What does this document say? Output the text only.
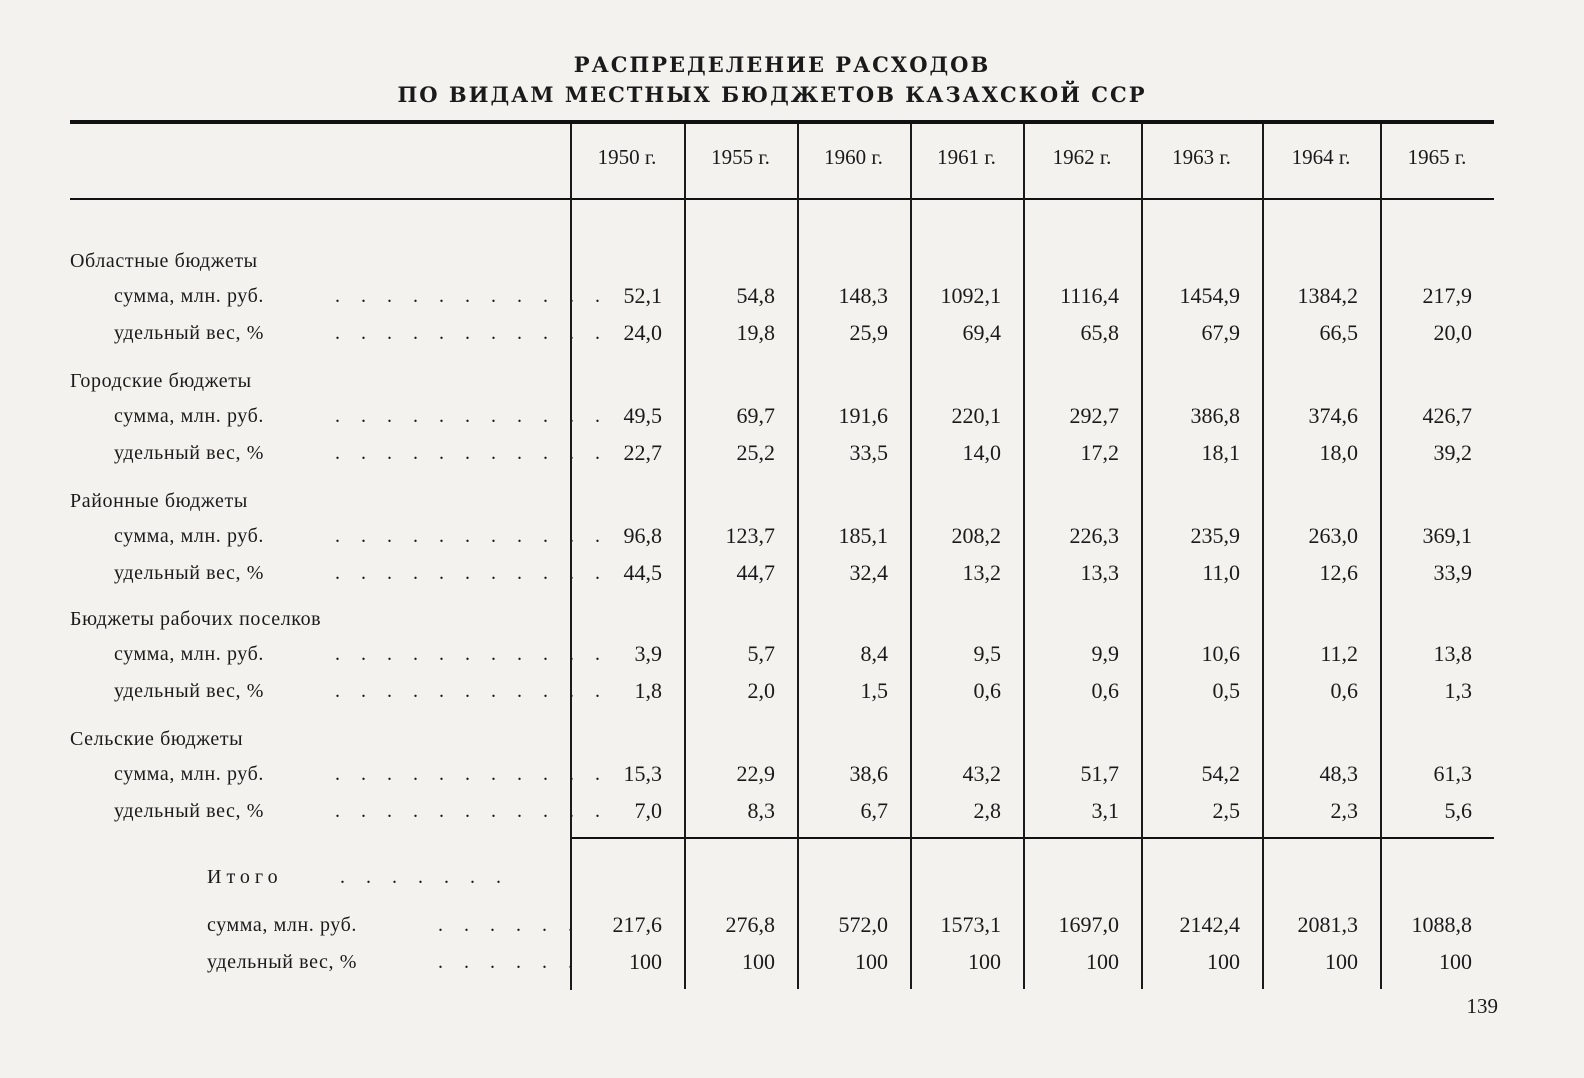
РАСПРЕДЕЛЕНИЕ РАСХОДОВ
ПО ВИДАМ МЕСТНЫХ БЮДЖЕТОВ КАЗАХСКОЙ ССР
1950 г.	1955 г.	1960 г.	1961 г.	1962 г.	1963 г.	1964 г.	1965 г.
Областные бюджеты
сумма, млн. руб.	. . . . . . . . . . . 52,1	54,8	148,3	1092,1	1116,4	1454,9	1384,2	217,9
удельный вес, %	. . . . . . . . . . . 24,0	19,8	25,9	69,4	65,8	67,9	66,5	20,0
Городские бюджеты
сумма, млн. руб.	. . . . . . . . . . . 49,5	69,7	191,6	220,1	292,7	386,8	374,6	426,7
удельный вес, %	. . . . . . . . . . . 22,7	25,2	33,5	14,0	17,2	18,1	18,0	39,2
Районные бюджеты
сумма, млн. руб.	. . . . . . . . . . . 96,8	123,7	185,1	208,2	226,3	235,9	263,0	369,1
удельный вес, %	. . . . . . . . . . . 44,5	44,7	32,4	13,2	13,3	11,0	12,6	33,9
Бюджеты рабочих поселков
сумма, млн. руб.	. . . . . . . . . . .	3,9	5,7	8,4	9,5	9,9	10,6	11,2	13,8
удельный вес, %	. . . . . . . . . . .	1,8	2,0	1,5	0,6	0,6	0,5	0,6	1,3
Сельские бюджеты
сумма, млн. руб.	. . . . . . . . . . . 15,3	22,9	38,6	43,2	51,7	54,2	48,3	61,3
удельный вес, %	. . . . . . . . . . .	7,0	8,3	6,7	2,8	3,1	2,5	2,3	5,6
Итого	. . . . . . .
сумма, млн. руб.	. . . . . .	217,6	276,8	572,0	1573,1	1697,0	2142,4	2081,3	1088,8
удельный вес, %	. . . . . .	100	100	100	100	100	100	100	100
139
